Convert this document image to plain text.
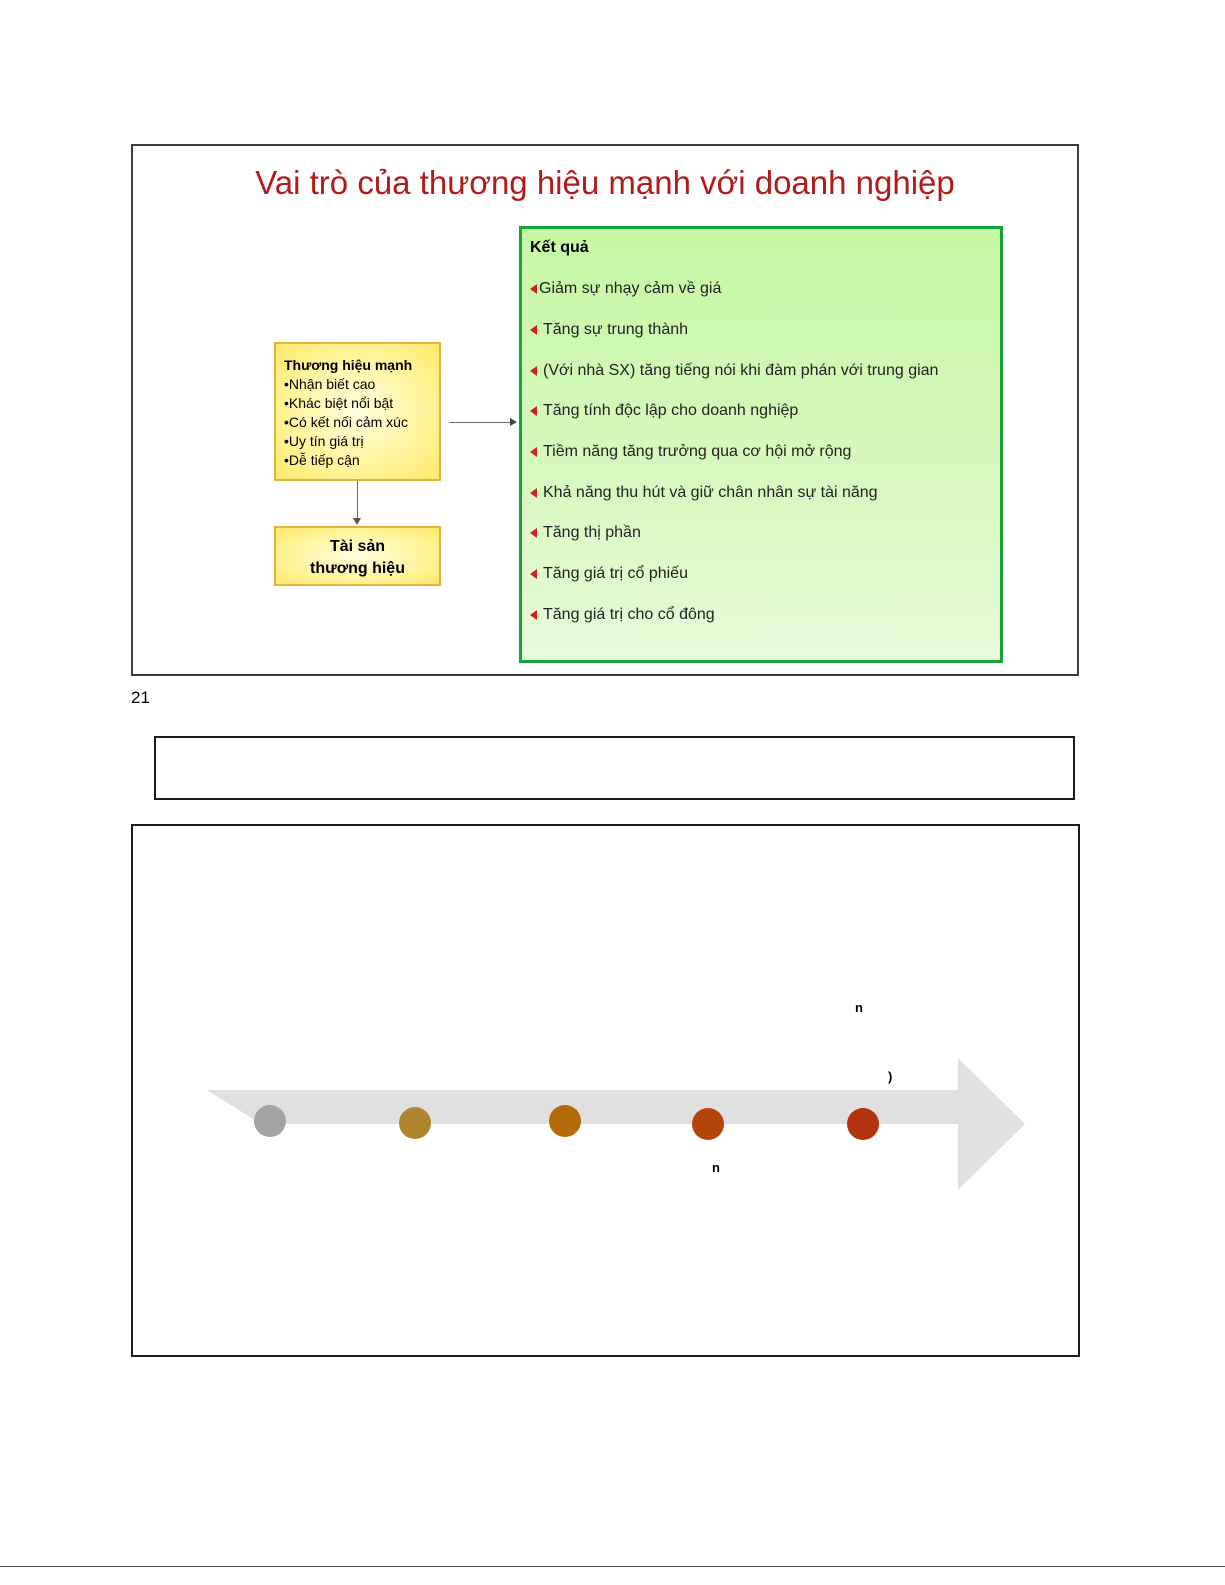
Vai trò của thương hiệu mạnh với doanh nghiệp
Thương hiệu mạnh
•Nhận biết cao
•Khác biệt nổi bật
•Có kết nối cảm xúc
•Uy tín giá trị
•Dễ tiếp cận
Tài sản
thương hiệu
Kết quả
Giảm sự nhạy cảm về giá
Tăng sự trung thành
(Với nhà SX) tăng tiếng nói khi đàm phán với trung gian
Tăng tính độc lập cho doanh nghiệp
Tiềm năng tăng trưởng qua cơ hội mở rộng
Khả năng thu hút và giữ chân nhân sự tài năng
Tăng thị phần
Tăng giá trị cổ phiếu
Tăng giá trị cho cổ đông
21
n
)
n
